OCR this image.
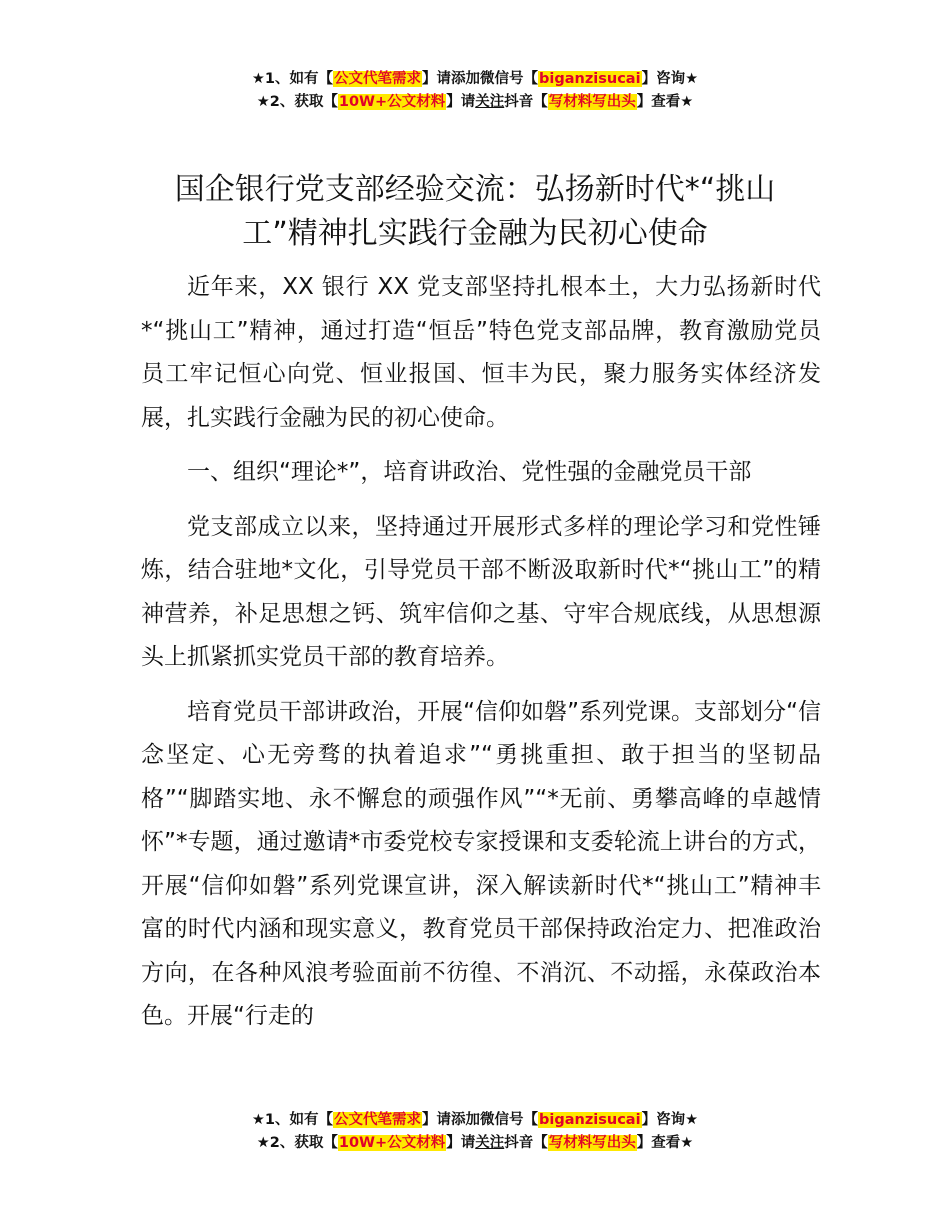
★1、如有【公文代笔需求】请添加微信号【biganzisucai】咨询★
★2、获取【10W+公文材料】请关注抖音【写材料写出头】查看★
国企银行党支部经验交流：弘扬新时代*“挑山
工”精神扎实践行金融为民初心使命

近年来，XX 银行 XX 党支部坚持扎根本土，大力弘扬新时代*“挑山工”精神，通过打造“恒岳”特色党支部品牌，教育激励党员员工牢记恒心向党、恒业报国、恒丰为民，聚力服务实体经济发展，扎实践行金融为民的初心使命。

一、组织“理论*”，培育讲政治、党性强的金融党员干部

党支部成立以来，坚持通过开展形式多样的理论学习和党性锤炼，结合驻地*文化，引导党员干部不断汲取新时代*“挑山工”的精神营养，补足思想之钙、筑牢信仰之基、守牢合规底线，从思想源头上抓紧抓实党员干部的教育培养。

培育党员干部讲政治，开展“信仰如磐”系列党课。支部划分“信念坚定、心无旁骛的执着追求”“勇挑重担、敢于担当的坚韧品格”“脚踏实地、永不懈怠的顽强作风”“*无前、勇攀高峰的卓越情怀”*专题，通过邀请*市委党校专家授课和支委轮流上讲台的方式，开展“信仰如磐”系列党课宣讲，深入解读新时代*“挑山工”精神丰富的时代内涵和现实意义，教育党员干部保持政治定力、把准政治方向，在各种风浪考验面前不彷徨、不消沉、不动摇，永葆政治本色。开展“行走的

★1、如有【公文代笔需求】请添加微信号【biganzisucai】咨询★
★2、获取【10W+公文材料】请关注抖音【写材料写出头】查看★
